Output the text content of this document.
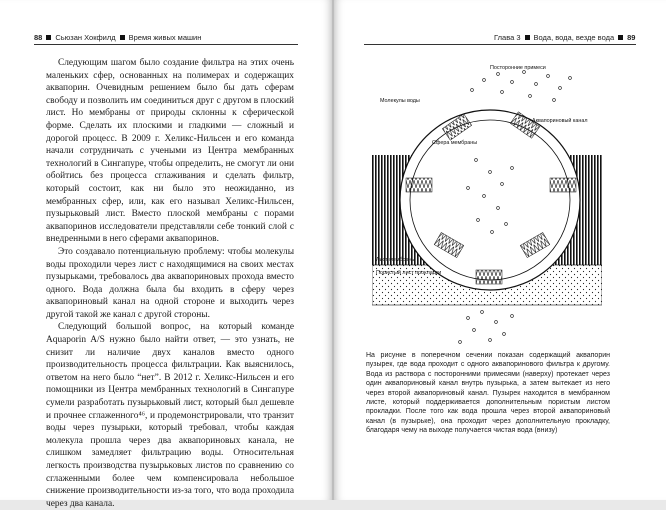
88 Сьюзан Хокфилд Время живых машин

Следующим шагом было создание фильтра на этих очень маленьких сфер, основанных на полимерах и содержащих аквапорин. Очевидным решением было бы дать сферам свободу и позволить им соединиться друг с другом в плоский лист. Но мембраны от природы склонны к сферической форме. Сделать их плоскими и гладкими — сложный и дорогой процесс. В 2009 г. Хеликс-Нильсен и его команда начали сотрудничать с учеными из Центра мембранных технологий в Сингапуре, чтобы определить, не смогут ли они обойтись без процесса сглаживания и сделать фильтр, который состоит, как ни было это неожиданно, из мембранных сфер, или, как его называл Хеликс-Нильсен, пузырьковый лист. Вместо плоской мембраны с порами аквапоринов исследователи представляли себе тонкий слой с внедренными в него сферами аквапоринов.

Это создавало потенциальную проблему: чтобы молекулы воды проходили через лист с находящимися на своих местах пузырьками, требовалось два аквапориновых прохода вместо одного. Вода должна была бы входить в сферу через аквапориновый канал на одной стороне и выходить через другой такой же канал с другой стороны.

Следующий большой вопрос, на который команде Aquaporin A/S нужно было найти ответ, — это узнать, не снизит ли наличие двух каналов вместо одного производительность процесса фильтрации. Как выяснилось, ответом на него было “нет”. В 2012 г. Хеликс-Нильсен и его помощники из Центра мембранных технологий в Сингапуре сумели разработать пузырьковый лист, который был дешевле и прочнее сглаженного⁴⁶, и продемонстрировали, что транзит воды через пузырьки, который требовал, чтобы каждая молекула прошла через два аквапориновых канала, не слишком замедляет фильтрацию воды. Относительная легкость производства пузырьковых листов по сравнению со сглаженными более чем компенсировала небольшое снижение производительности из-за того, что вода проходила через два канала.

Глава 3 Вода, вода, везде вода 89
Посторонние примеси
Молекулы воды
Аквапориновый канал
Сфера мембраны
Лист мембраны
Пористый лист прокладки
На рисунке в поперечном сечении показан содержащий аквапорин пузырек, где вода проходит с одного аквапоринового фильтра к другому. Вода из раствора с посторонними примесями (наверху) протекает через один аквапориновый канал внутрь пузырька, а затем вытекает из него через второй аквапориновый канал. Пузырек находится в мембранном листе, который поддерживается дополнительным пористым листом прокладки. После того как вода прошла через второй аквапориновый канал (в пузырьке), она проходит через дополнительную прокладку, благодаря чему на выходе получается чистая вода (внизу)
